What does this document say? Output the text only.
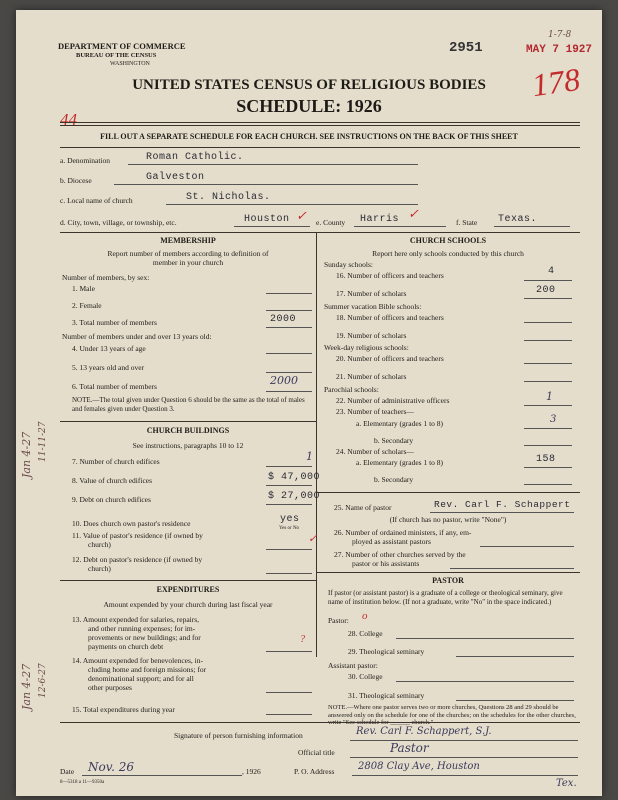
DEPARTMENT OF COMMERCE
BUREAU OF THE CENSUS
WASHINGTON
2951	MAY 7 1927
1-7-8
178
44
UNITED STATES CENSUS OF RELIGIOUS BODIES
SCHEDULE: 1926
FILL OUT A SEPARATE SCHEDULE FOR EACH CHURCH. SEE INSTRUCTIONS ON THE BACK OF THIS SHEET
a. Denomination	Roman Catholic.
b. Diocese	Galveston
c. Local name of church	St. Nicholas.
d. City, town, village, or township, etc.	Houston ✓ e. County Harris ✓
f. State Texas.
MEMBERSHIP
Report number of members according to definition of
member in your church
Number of members, by sex:
1. Male
2. Female
3. Total number of members	2000
Number of members under and over 13 years old:
4. Under 13 years of age
5. 13 years old and over
6. Total number of members	2000
NOTE.—The total given under Question 6 should be the same as the total of males and females given under Question 3.
CHURCH BUILDINGS
See instructions, paragraphs 10 to 12
7. Number of church edifices	1
8. Value of church edifices	$ 47,000
9. Debt on church edifices	$ 27,000
10. Does church own pastor's residence	yes
Yes or No
11. Value of pastor's residence (if owned by
church)	✓
12. Debt on pastor's residence (if owned by
church)
EXPENDITURES
Amount expended by your church during last fiscal year
13. Amount expended for salaries, repairs,
and other running expenses; for im-
provements or new buildings; and for
payments on church debt
?
14. Amount expended for benevolences, in-
cluding home and foreign missions; for
denominational support; and for all
other purposes
15. Total expenditures during year
CHURCH SCHOOLS
Report here only schools conducted by this church
Sunday schools:
16. Number of officers and teachers	4
17. Number of scholars	200
Summer vacation Bible schools:
18. Number of officers and teachers
19. Number of scholars
Week-day religious schools:
20. Number of officers and teachers
21. Number of scholars
Parochial schools:
22. Number of administrative officers	1
23. Number of teachers—
a. Elementary (grades 1 to 8)	3
b. Secondary
24. Number of scholars—
a. Elementary (grades 1 to 8)	158
b. Secondary
25. Name of pastor	Rev. Carl F. Schappert
(If church has no pastor, write "None")
26. Number of ordained ministers, if any, em-
ployed as assistant pastors
27. Number of other churches served by the
pastor or his assistants
PASTOR
If pastor (or assistant pastor) is a graduate of a college or theological seminary, give name of institution below. (If not a graduate, write "No" in the space indicated.)
Pastor: o
28. College
29. Theological seminary
Assistant pastor:
30. College
31. Theological seminary
NOTE.—Where one pastor serves two or more churches, Questions 28 and 29 should be answered only on the schedule for one of the churches; on the schedules for the other churches, write "See schedule for ______ church."
Signature of person furnishing information	Rev. Carl F. Schappert, S.J.
Official title	Pastor
Date Nov. 26	, 1926	P. O. Address 2808 Clay Ave, Houston
Tex.
8—5318 a 11—9350a
Jan 4-27 11-11-27
Jan 4-27 12-6-27
